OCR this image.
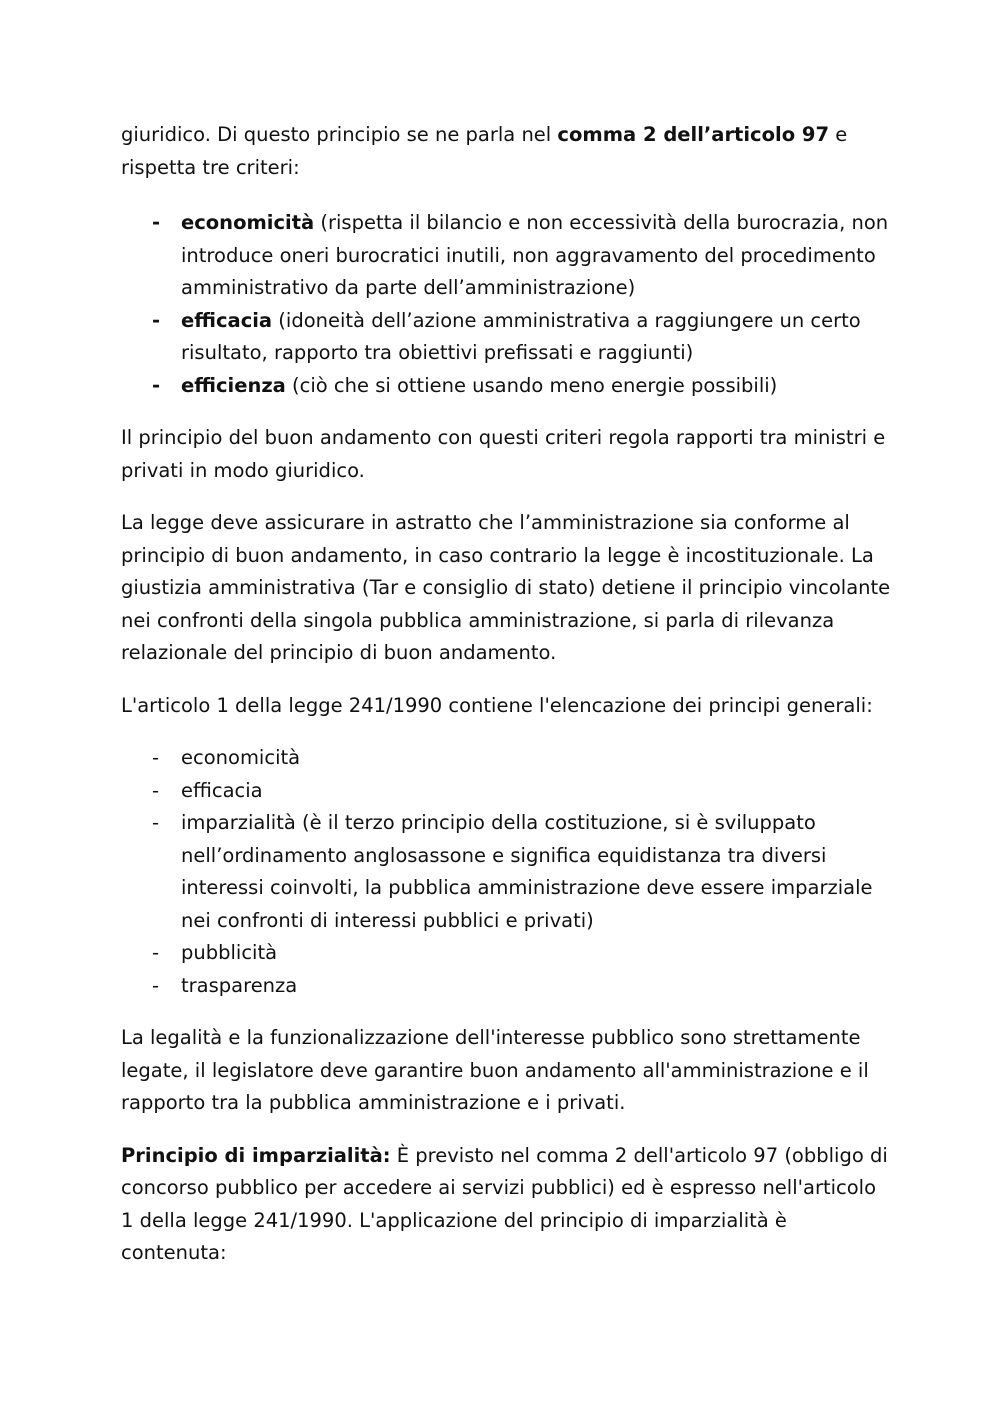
giuridico. Di questo principio se ne parla nel comma 2 dell’articolo 97 e rispetta tre criteri:

- economicità (rispetta il bilancio e non eccessività della burocrazia, non introduce oneri burocratici inutili, non aggravamento del procedimento amministrativo da parte dell’amministrazione)
- efficacia (idoneità dell’azione amministrativa a raggiungere un certo risultato, rapporto tra obiettivi prefissati e raggiunti)
- efficienza (ciò che si ottiene usando meno energie possibili)

Il principio del buon andamento con questi criteri regola rapporti tra ministri e privati in modo giuridico.

La legge deve assicurare in astratto che l’amministrazione sia conforme al principio di buon andamento, in caso contrario la legge è incostituzionale. La giustizia amministrativa (Tar e consiglio di stato) detiene il principio vincolante nei confronti della singola pubblica amministrazione, si parla di rilevanza relazionale del principio di buon andamento.

L'articolo 1 della legge 241/1990 contiene l'elencazione dei principi generali:

- economicità
- efficacia
- imparzialità (è il terzo principio della costituzione, si è sviluppato nell’ordinamento anglosassone e significa equidistanza tra diversi interessi coinvolti, la pubblica amministrazione deve essere imparziale nei confronti di interessi pubblici e privati)
- pubblicità
- trasparenza

La legalità e la funzionalizzazione dell'interesse pubblico sono strettamente legate, il legislatore deve garantire buon andamento all'amministrazione e il rapporto tra la pubblica amministrazione e i privati.

Principio di imparzialità: È previsto nel comma 2 dell'articolo 97 (obbligo di concorso pubblico per accedere ai servizi pubblici) ed è espresso nell'articolo 1 della legge 241/1990. L'applicazione del principio di imparzialità è contenuta:
